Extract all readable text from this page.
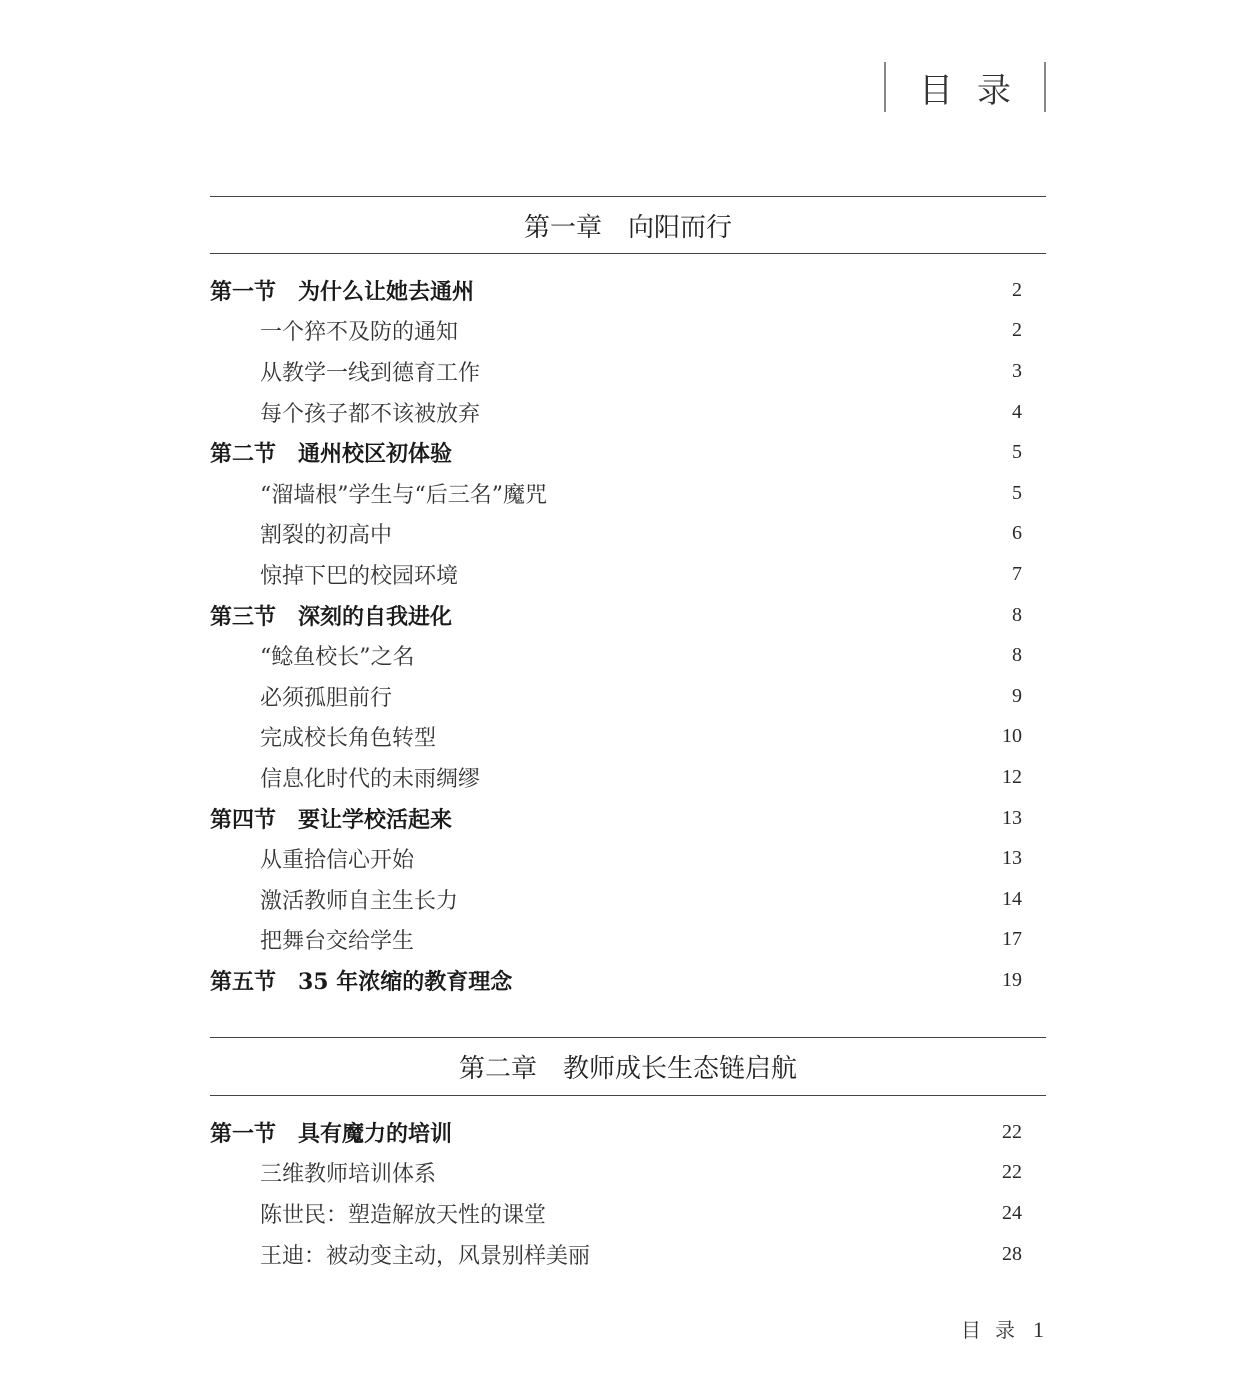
目录
第一章　向阳而行
第一节　为什么让她去通州	2
一个猝不及防的通知	2
从教学一线到德育工作	3
每个孩子都不该被放弃	4
第二节　通州校区初体验	5
“溜墙根”学生与“后三名”魔咒	5
割裂的初高中	6
惊掉下巴的校园环境	7
第三节　深刻的自我进化	8
“鲶鱼校长”之名	8
必须孤胆前行	9
完成校长角色转型	10
信息化时代的未雨绸缪	12
第四节　要让学校活起来	13
从重拾信心开始	13
激活教师自主生长力	14
把舞台交给学生	17
第五节　35 年浓缩的教育理念	19
第二章　教师成长生态链启航
第一节　具有魔力的培训	22
三维教师培训体系	22
陈世民：塑造解放天性的课堂	24
王迪：被动变主动，风景别样美丽	28
目录 1
